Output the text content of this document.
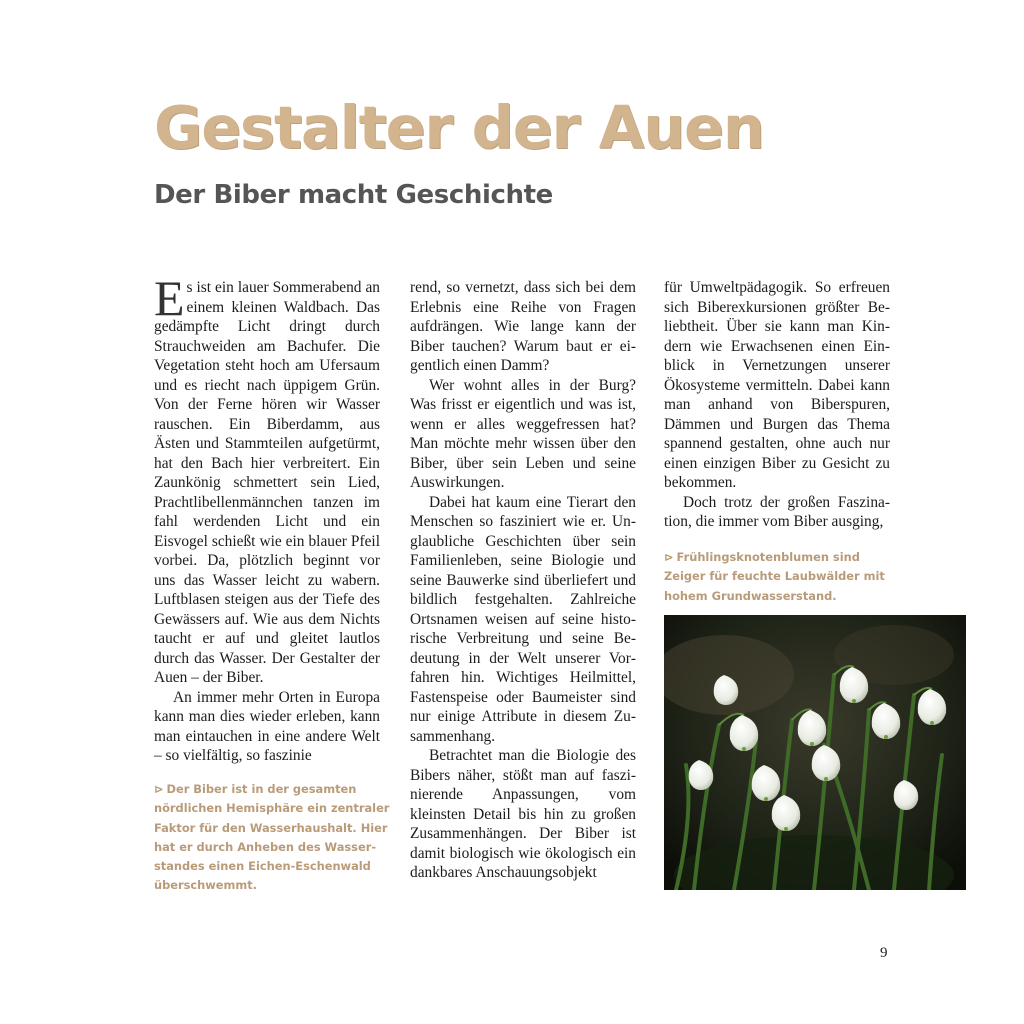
Gestalter der Auen
Der Biber macht Geschichte

Es ist ein lauer Sommerabend an einem kleinen Waldbach. Das gedämpfte Licht dringt durch Strauchweiden am Bachufer. Die Vegetation steht hoch am Ufersaum und es riecht nach üppigem Grün. Von der Ferne hören wir Wasser rauschen. Ein Biberdamm, aus Ästen und Stammteilen aufgetürmt, hat den Bach hier verbreitert. Ein Zaunkönig schmettert sein Lied, Prachtlibellenmännchen tanzen im fahl werdenden Licht und ein Eisvogel schießt wie ein blauer Pfeil vorbei. Da, plötzlich beginnt vor uns das Wasser leicht zu wabern. Luftblasen steigen aus der Tiefe des Gewässers auf. Wie aus dem Nichts taucht er auf und gleitet lautlos durch das Wasser. Der Gestalter der Auen – der Biber.

An immer mehr Orten in Europa kann man dies wieder erleben, kann man eintauchen in eine andere Welt – so vielfältig, so faszinie

⊳ Der Biber ist in der gesamten nördlichen Hemisphäre ein zentraler Faktor für den Wasserhaushalt. Hier hat er durch Anheben des Wasserstandes einen Eichen-Eschenwald überschwemmt.

rend, so vernetzt, dass sich bei dem Erlebnis eine Reihe von Fragen aufdrängen. Wie lange kann der Biber tauchen? Warum baut er eigentlich einen Damm?

Wer wohnt alles in der Burg? Was frisst er eigentlich und was ist, wenn er alles weggefressen hat? Man möchte mehr wissen über den Biber, über sein Leben und seine Auswirkungen.

Dabei hat kaum eine Tierart den Menschen so fasziniert wie er. Unglaubliche Geschichten über sein Familienleben, seine Biologie und seine Bauwerke sind überliefert und bildlich festgehalten. Zahlreiche Ortsnamen weisen auf seine historische Verbreitung und seine Bedeutung in der Welt unserer Vorfahren hin. Wichtiges Heilmittel, Fastenspeise oder Baumeister sind nur einige Attribute in diesem Zusammenhang.

Betrachtet man die Biologie des Bibers näher, stößt man auf faszinierende Anpassungen, vom kleinsten Detail bis hin zu großen Zusammenhängen. Der Biber ist damit biologisch wie ökologisch ein dankbares Anschauungsobjekt

für Umweltpädagogik. So erfreuen sich Biberexkursionen größter Beliebtheit. Über sie kann man Kindern wie Erwachsenen einen Einblick in Vernetzungen unserer Ökosysteme vermitteln. Dabei kann man anhand von Biberspuren, Dämmen und Burgen das Thema spannend gestalten, ohne auch nur einen einzigen Biber zu Gesicht zu bekommen.

Doch trotz der großen Faszination, die immer vom Biber ausging,

⊳ Frühlingsknotenblumen sind Zeiger für feuchte Laubwälder mit hohem Grundwasserstand.

9
